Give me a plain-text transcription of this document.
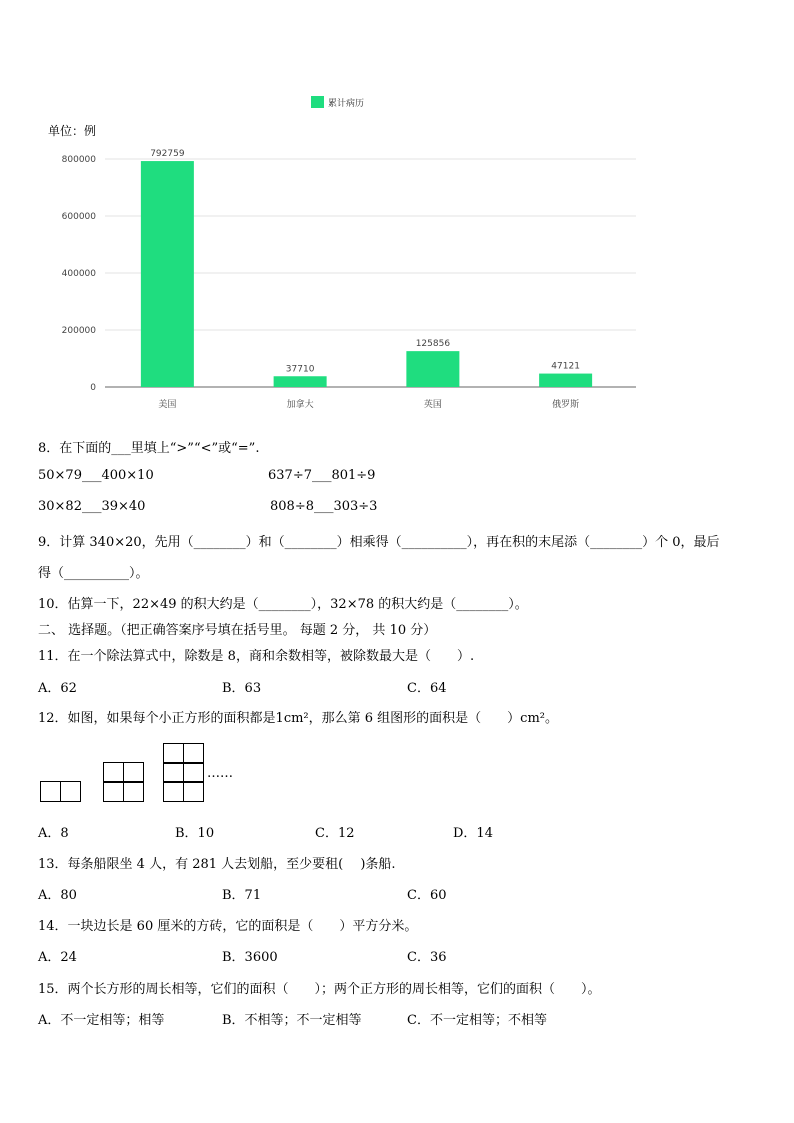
累计病历
单位：例
0
200000
400000
600000
800000
792759
美国
37710
加拿大
125856
英国
47121
俄罗斯
8．在下面的___里填上“>”“<”或“=”.
50×79___400×10	637÷7___801÷9
30×82___39×40	808÷8___303÷3
9．计算 340×20，先用（________）和（________）相乘得（__________），再在积的末尾添（________）个 0，最后
得（__________）。
10．估算一下，22×49 的积大约是（________），32×78 的积大约是（________）。
二、 选择题。（把正确答案序号填在括号里。 每题 2 分， 共 10 分）
11．在一个除法算式中，除数是 8，商和余数相等，被除数最大是（　　）.
A．62	B．63	C．64
12．如图，如果每个小正方形的面积都是1cm²，那么第 6 组图形的面积是（　　）cm²。
……
A．8	B．10	C．12	D．14
13．每条船限坐 4 人，有 281 人去划船，至少要租(　 )条船.
A．80	B．71	C．60
14．一块边长是 60 厘米的方砖，它的面积是（　　）平方分米。
A．24	B．3600	C．36
15．两个长方形的周长相等，它们的面积（　　）；两个正方形的周长相等，它们的面积（　　）。
A．不一定相等；相等	B．不相等；不一定相等	C．不一定相等；不相等
